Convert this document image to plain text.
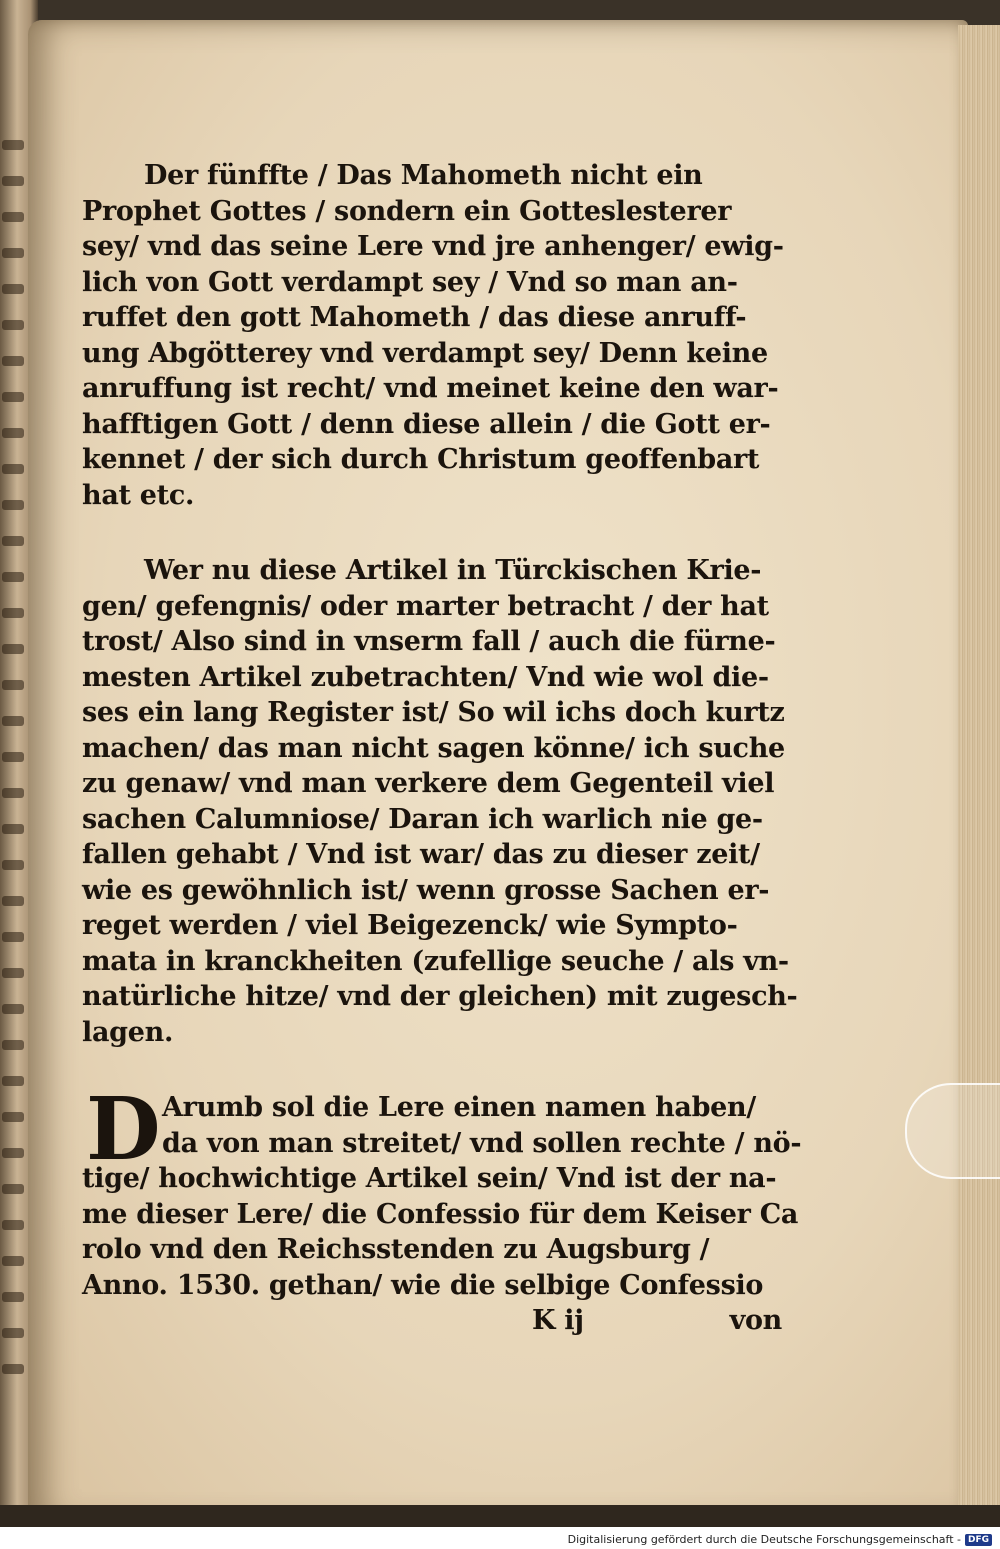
Der fünffte / Das Mahometh nicht ein
Prophet Gottes / sondern ein Gotteslesterer
sey/ vnd das seine Lere vnd jre anhenger/ ewig-
lich von Gott verdampt sey / Vnd so man an-
ruffet den gott Mahometh / das diese anruff-
ung Abgötterey vnd verdampt sey/ Denn keine
anruffung ist recht/ vnd meinet keine den war-
hafftigen Gott / denn diese allein / die Gott er-
kennet / der sich durch Christum geoffenbart
hat etc.
Wer nu diese Artikel in Türckischen Krie-
gen/ gefengnis/ oder marter betracht / der hat
trost/ Also sind in vnserm fall / auch die fürne-
mesten Artikel zubetrachten/ Vnd wie wol die-
ses ein lang Register ist/ So wil ichs doch kurtz
machen/ das man nicht sagen könne/ ich suche
zu genaw/ vnd man verkere dem Gegenteil viel
sachen Calumniose/ Daran ich warlich nie ge-
fallen gehabt / Vnd ist war/ das zu dieser zeit/
wie es gewöhnlich ist/ wenn grosse Sachen er-
reget werden / viel Beigezenck/ wie Sympto-
mata in kranckheiten (zufellige seuche / als vn-
natürliche hitze/ vnd der gleichen) mit zugesch-
lagen.
D Arumb sol die Lere einen namen haben/
da von man streitet/ vnd sollen rechte / nö-
tige/ hochwichtige Artikel sein/ Vnd ist der na-
me dieser Lere/ die Confessio für dem Keiser Ca
rolo vnd den Reichsstenden zu Augsburg /
Anno. 1530. gethan/ wie die selbige Confessio
K ij	von
Digitalisierung gefördert durch die Deutsche Forschungsgemeinschaft - DFG
